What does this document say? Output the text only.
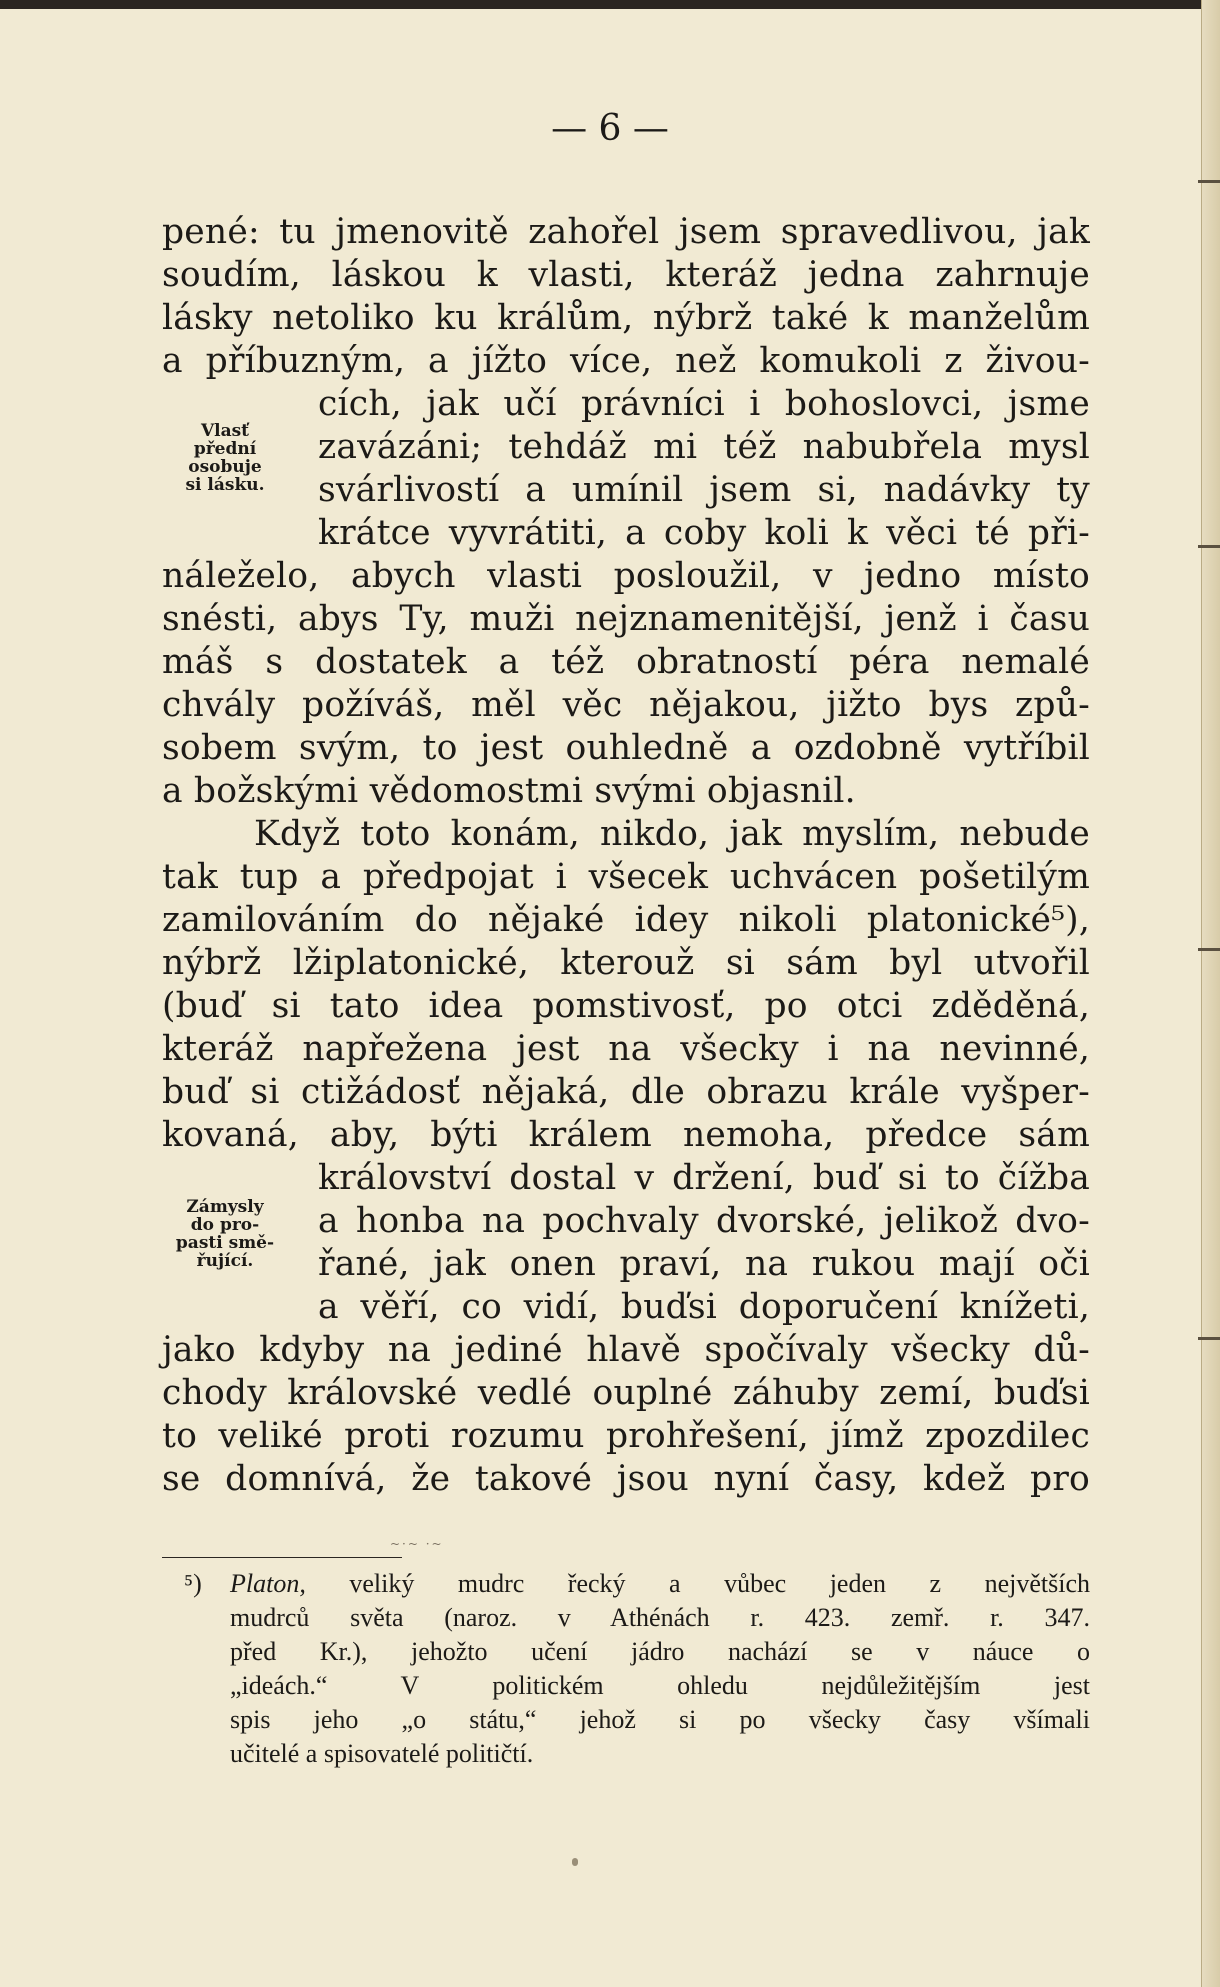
— 6 —
pené: tu jmenovitě zahořel jsem spravedlivou, jak
soudím, láskou k vlasti, kteráž jedna zahrnuje
lásky netoliko ku králům, nýbrž také k manželům
a příbuzným, a jížto více, než komukoli z živou-
cích, jak učí právníci i bohoslovci, jsme
zavázáni; tehdáž mi též nabubřela mysl
svárlivostí a umínil jsem si, nadávky ty
krátce vyvrátiti, a coby koli k věci té při-
náleželo, abych vlasti posloužil, v jedno místo
snésti, abys Ty, muži nejznamenitější, jenž i času
máš s dostatek a též obratností péra nemalé
chvály požíváš, měl věc nějakou, jižto bys způ-
sobem svým, to jest ouhledně a ozdobně vytříbil
a božskými vědomostmi svými objasnil.
Když toto konám, nikdo, jak myslím, nebude
tak tup a předpojat i všecek uchvácen pošetilým
zamilováním do nějaké idey nikoli platonické⁵),
nýbrž lžiplatonické, kterouž si sám byl utvořil
(buď si tato idea pomstivosť, po otci zděděná,
kteráž napřežena jest na všecky i na nevinné,
buď si ctižádosť nějaká, dle obrazu krále vyšper-
kovaná, aby, býti králem nemoha, předce sám
království dostal v držení, buď si to čížba
a honba na pochvaly dvorské, jelikož dvo-
řané, jak onen praví, na rukou mají oči
a věří, co vidí, buďsi doporučení knížeti,
jako kdyby na jediné hlavě spočívaly všecky dů-
chody královské vedlé ouplné záhuby zemí, buďsi
to veliké proti rozumu prohřešení, jímž zpozdilec
se domnívá, že takové jsou nyní časy, kdež pro
Vlasť
přední
osobuje
si lásku.
Zámysly
do pro-
pasti smě-
řující.
~·~ ·~
⁵) Platon, veliký mudrc řecký a vůbec jeden z největších
mudrců světa (naroz. v Athénách r. 423. zemř. r. 347.
před Kr.), jehožto učení jádro nachází se v náuce o
„ideách.“ V politickém ohledu nejdůležitějším jest
spis jeho „o státu,“ jehož si po všecky časy všímali
učitelé a spisovatelé političtí.
